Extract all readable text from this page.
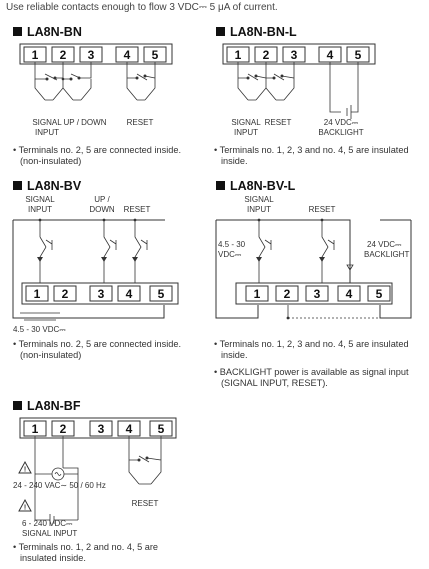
Use reliable contacts enough to flow 3 VDC⎓ 5 μA of current.
LA8N-BN
1 2 3 4 5
SIGNAL
INPUT
UP / DOWN	RESET
• Terminals no. 2, 5 are connected inside.
(non-insulated)
LA8N-BN-L
1 2 3 4 5
SIGNAL
INPUT
RESET	24 VDC⎓
BACKLIGHT
• Terminals no. 1, 2, 3 and no. 4, 5 are insulated
inside.
LA8N-BV
SIGNAL
INPUT
UP /
DOWN RESET
1 2 3 4 5
4.5 - 30 VDC⎓
• Terminals no. 2, 5 are connected inside.
(non-insulated)
LA8N-BV-L
SIGNAL
INPUT	RESET
4.5 - 30
VDC⎓
24 VDC⎓
BACKLIGHT
1 2 3 4 5
• Terminals no. 1, 2, 3 and no. 4, 5 are insulated
inside.
• BACKLIGHT power is available as signal input
(SIGNAL INPUT, RESET).
LA8N-BF
1 2	3 4 5
!
!
24 - 240 VAC∼ 50 / 60 Hz
6 - 240 VDC⎓
SIGNAL INPUT
RESET
• Terminals no. 1, 2 and no. 4, 5 are
insulated inside.
